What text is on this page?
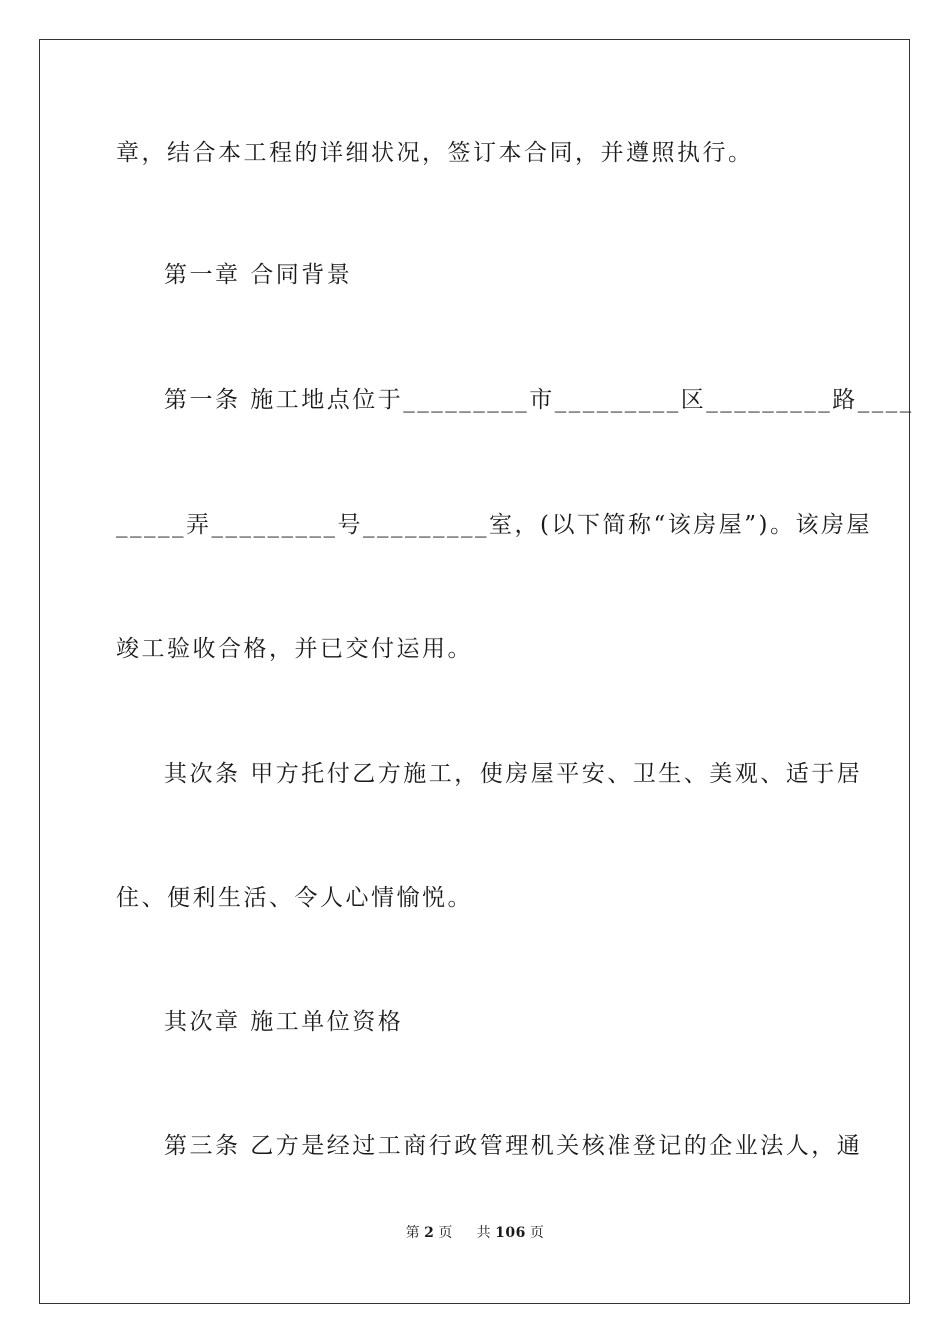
章，结合本工程的详细状况，签订本合同，并遵照执行。
第一章 合同背景
第一条 施工地点位于_________市_________区_________路____
_____弄_________号_________室，(以下简称“该房屋”)。该房屋
竣工验收合格，并已交付运用。
其次条 甲方托付乙方施工，使房屋平安、卫生、美观、适于居
住、便利生活、令人心情愉悦。
其次章 施工单位资格
第三条 乙方是经过工商行政管理机关核准登记的企业法人，通
第 2 页 共 106 页
